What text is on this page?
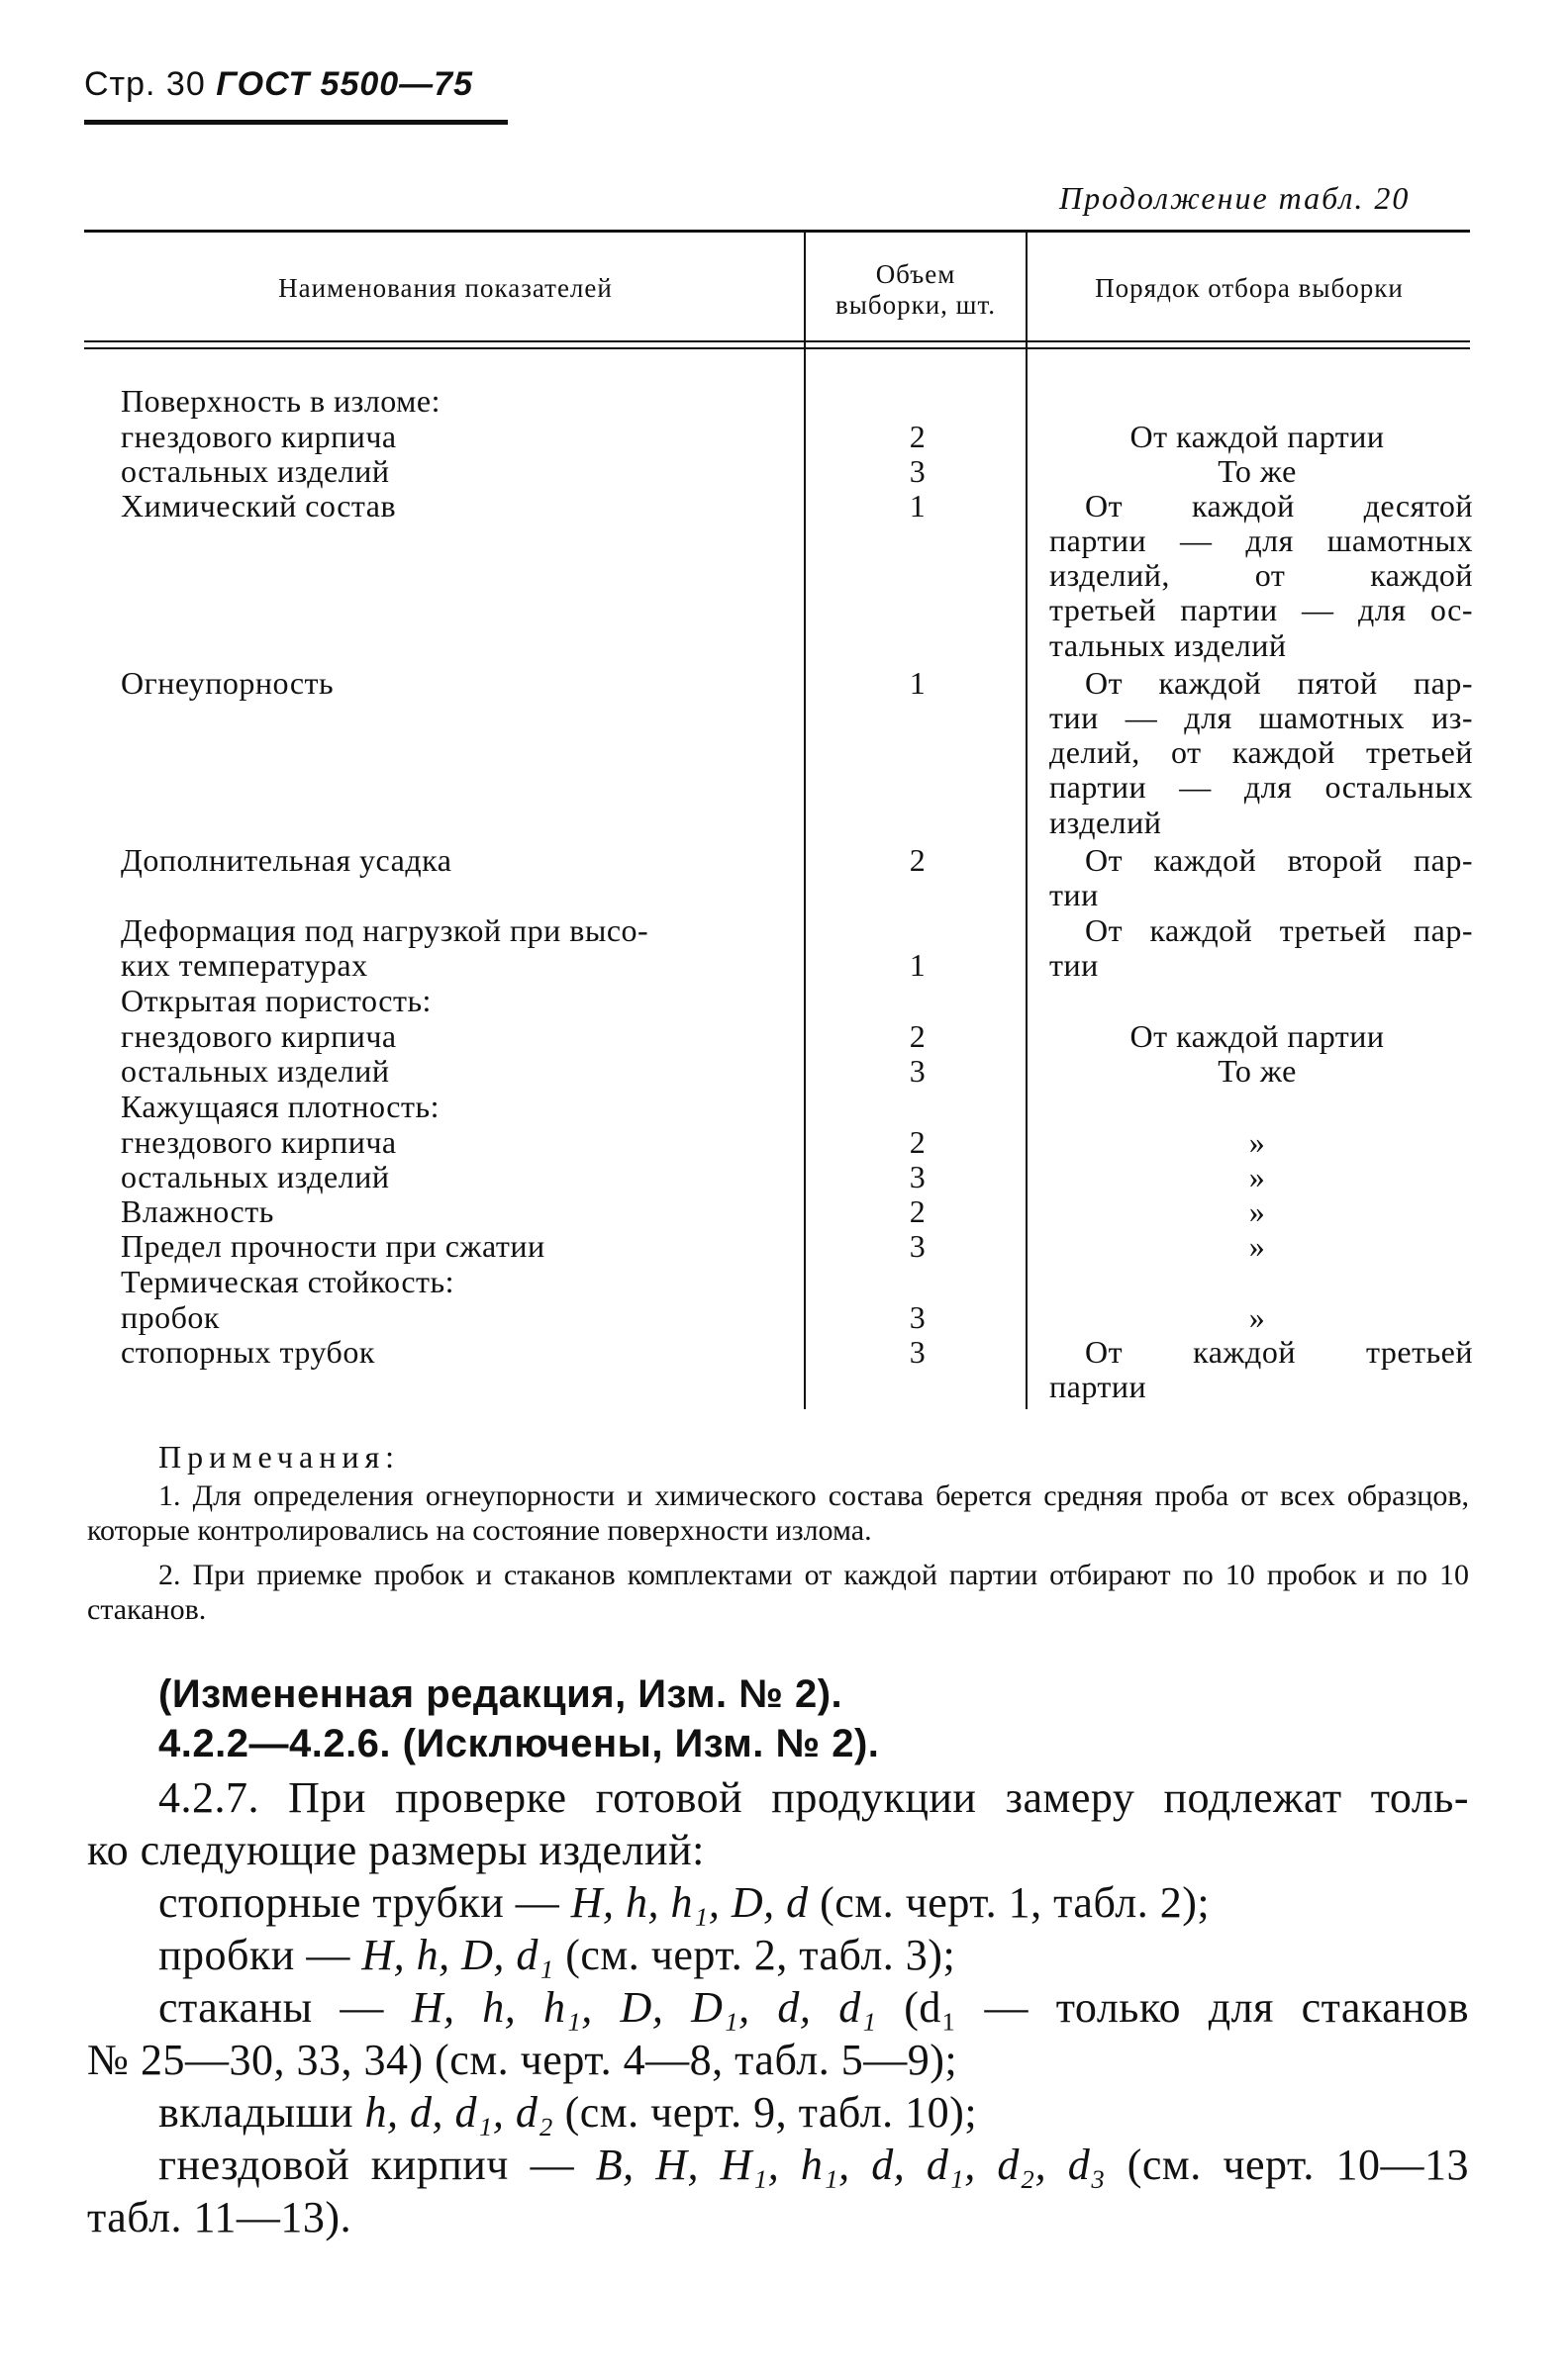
Стр. 30 ГОСТ 5500—75
Продолжение табл. 20
Наименования показателей	Объем
выборки, шт.
Порядок отбора выборки
Поверхность в изломе:
гнездового кирпича
остальных изделий
Химический состав
Огнеупорность
Дополнительная усадка
Деформация под нагрузкой при высо-
ких температурах
Открытая пористость:
гнездового кирпича
остальных изделий
Кажущаяся плотность:
гнездового кирпича
остальных изделий
Влажность
Предел прочности при сжатии
Термическая стойкость:
пробок
стопорных трубок
2
3
1
1
2
1
2
3
2
3
2
3
3
3
От каждой партии
То же
От каждой десятой
партии — для шамотных
изделий, от каждой
третьей партии — для ос-
тальных изделий
От каждой пятой пар-
тии — для шамотных из-
делий, от каждой третьей
партии — для остальных
изделий
От каждой второй пар-
тии
От каждой третьей пар-
тии
От каждой партии
То же
»
»
»
»
»
От каждой третьей
партии
Примечания:

1. Для определения огнеупорности и химического состава берется средняя проба от всех образцов, которые контролировались на состояние поверхности излома.

2. При приемке пробок и стаканов комплектами от каждой партии отбирают по 10 пробок и по 10 стаканов.

(Измененная редакция, Изм. № 2).
4.2.2—4.2.6. (Исключены, Изм. № 2).

4.2.7. При проверке готовой продукции замеру подлежат толь-

ко следующие размеры изделий:

стопорные трубки — H, h, h₁, D, d (см. черт. 1, табл. 2);

пробки — H, h, D, d₁ (см. черт. 2, табл. 3);

стаканы — H, h, h₁, D, D₁, d, d₁ (d₁ — только для стаканов

№ 25—30, 33, 34) (см. черт. 4—8, табл. 5—9);

вкладыши h, d, d₁, d₂ (см. черт. 9, табл. 10);

гнездовой кирпич — B, H, H₁, h₁, d, d₁, d₂, d₃ (см. черт. 10—13

табл. 11—13).
